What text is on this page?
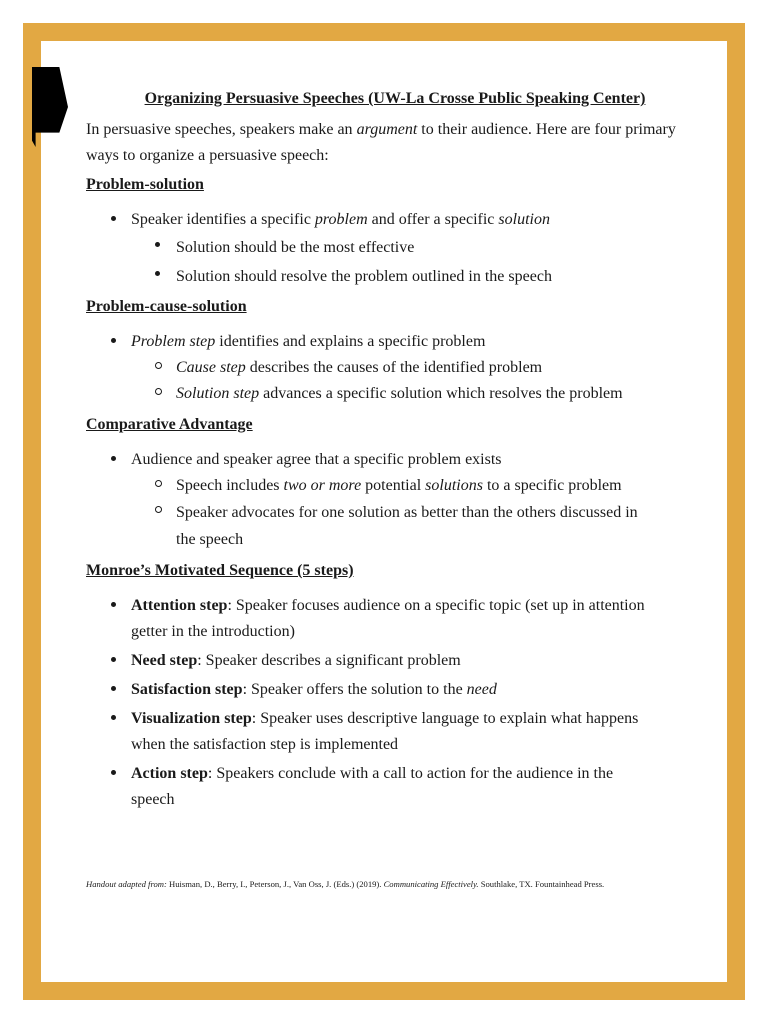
Organizing Persuasive Speeches (UW-La Crosse Public Speaking Center)

In persuasive speeches, speakers make an argument to their audience. Here are four primary ways to organize a persuasive speech:

Problem-solution

Speaker identifies a specific problem and offer a specific solution
Solution should be the most effective
Solution should resolve the problem outlined in the speech

Problem-cause-solution

Problem step identifies and explains a specific problem
Cause step describes the causes of the identified problem
Solution step advances a specific solution which resolves the problem

Comparative Advantage

Audience and speaker agree that a specific problem exists
Speech includes two or more potential solutions to a specific problem
Speaker advocates for one solution as better than the others discussed in
the speech

Monroe’s Motivated Sequence (5 steps)

Attention step: Speaker focuses audience on a specific topic (set up in attention
getter in the introduction)
Need step: Speaker describes a significant problem
Satisfaction step: Speaker offers the solution to the need
Visualization step: Speaker uses descriptive language to explain what happens
when the satisfaction step is implemented
Action step: Speakers conclude with a call to action for the audience in the
speech
Handout adapted from: Huisman, D., Berry, I., Peterson, J., Van Oss, J. (Eds.) (2019). Communicating Effectively. Southlake, TX. Fountainhead Press.
